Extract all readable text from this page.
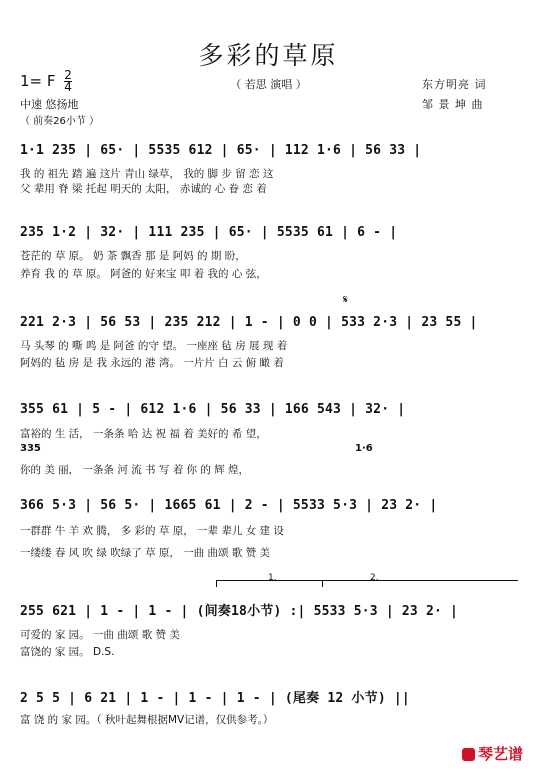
多彩的草原
（ 若思 演唱 ）
1= F $\frac{2}{4}$
中速 悠扬地
（ 前奏26小节 ）
东方明亮 词
邹 景 坤 曲
1·1 235 | 65· | 5535 612 | 65· | 112 1·6 | 56 33 |
我 的 祖先 踏 遍 这片 青山 绿草， 我的 脚 步 留 恋 这
父 辈用 脊 梁 托起 明天的 太阳， 赤诚的 心 眷 恋 着
235 1·2 | 32· | 111 235 | 65· | 5535 61 | 6 - |
苍茫的 草 原。 奶 茶 飘香 那 是 阿妈 的 期 盼，
养育 我 的 草 原。 阿爸的 好来宝 叩 着 我的 心 弦，
𝄋
221 2·3 | 56 53 | 235 212 | 1 - | 0 0 | 533 2·3 | 23 55 |
马 头琴 的 嘶 鸣 是 阿爸 的守 望。 一座座 毡 房 展 现 着
阿妈的 毡 房 是 我 永远的 港 湾。 一片片 白 云 俯 瞰 着
355 61 | 5 - | 612 1·6 | 56 33 | 166 543 | 32· |
富裕的 生 活， 一条条 哈 达 祝 福 着 美好的 希 望，
335	1·6
你的 美 丽， 一条条 河 流 书 写 着 你 的 辉 煌，
366 5·3 | 56 5· | 1665 61 | 2 - | 5533 5·3 | 23 2· |
一群群 牛 羊 欢 腾， 多 彩的 草 原， 一辈 辈儿 女 建 设
一缕缕 春 风 吹 绿 吹绿了 草 原， 一曲 曲颂 歌 赞 美
1.	2.
255 621 | 1 - | 1 - | (间奏18小节) :| 5533 5·3 | 23 2· |
可爱的 家 园。 一曲 曲颂 歌 赞 美
富饶的 家 园。 D.S.
2 5 5 | 6 21 | 1 - | 1 - | 1 - | (尾奏 12 小节) ||
富 饶 的 家 园。（ 秋叶起舞根据MV记谱，仅供参考。）
琴艺谱
